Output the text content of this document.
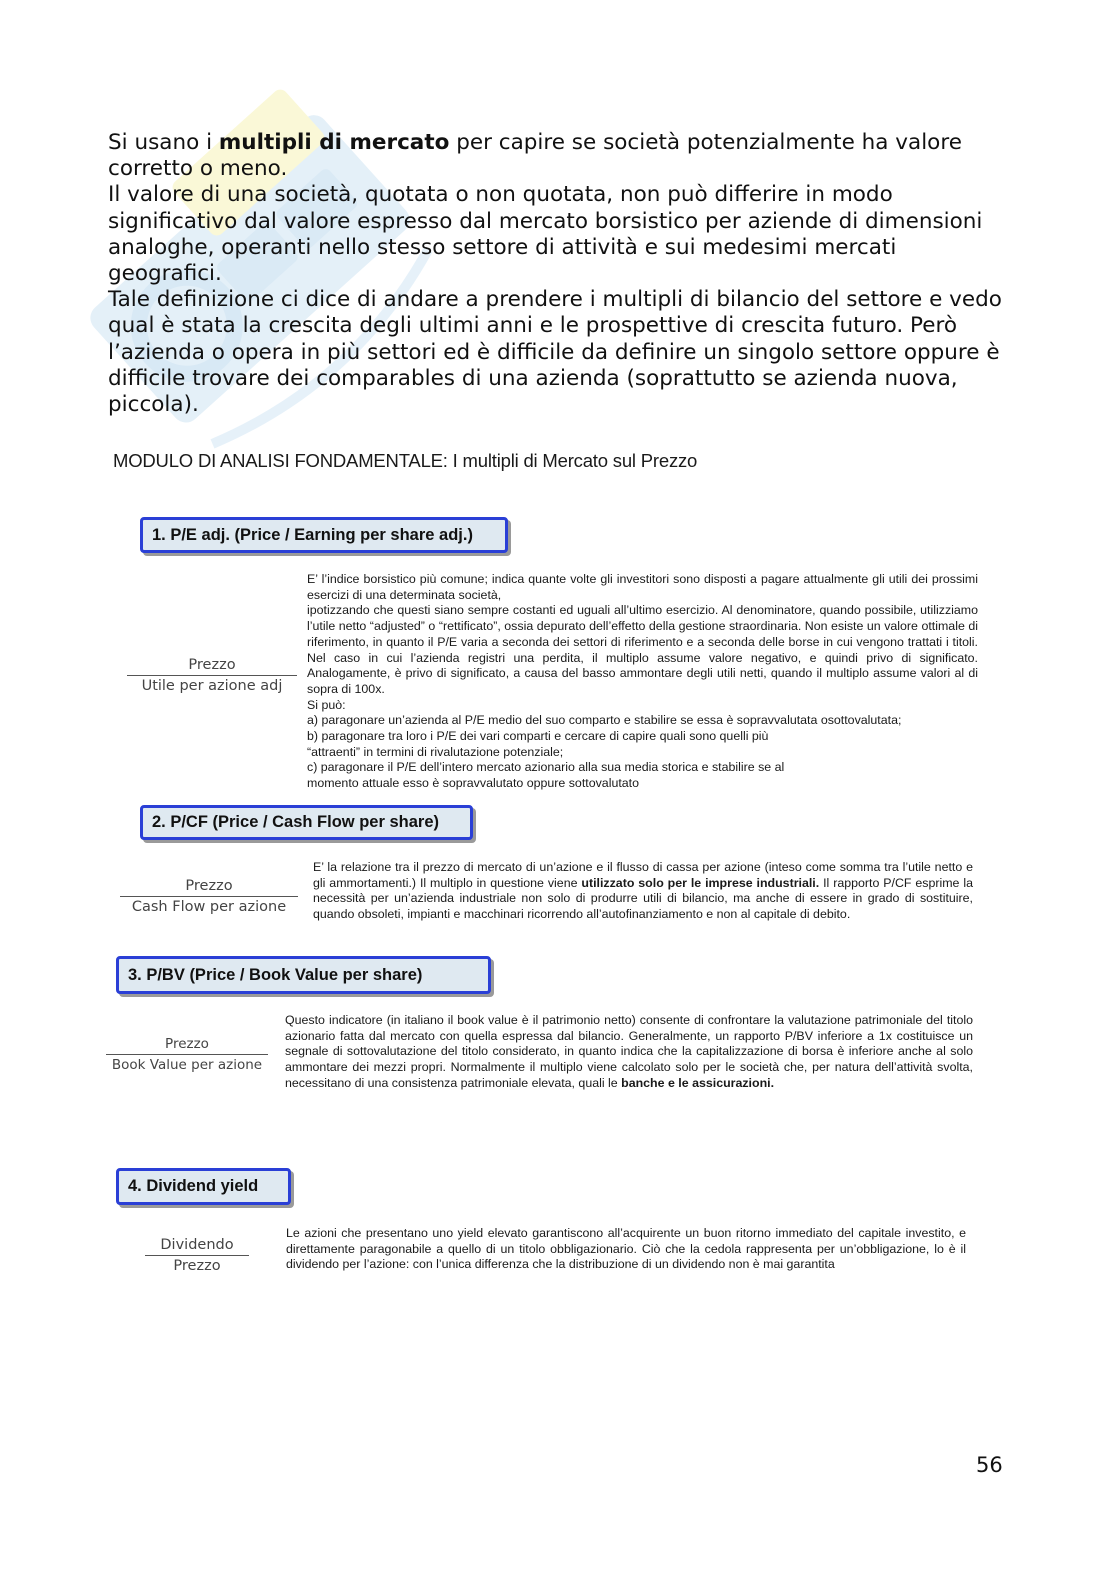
Si usano i multipli di mercato per capire se società potenzialmente ha valore corretto o meno.

Il valore di una società, quotata o non quotata, non può differire in modo significativo dal valore espresso dal mercato borsistico per aziende di dimensioni analoghe, operanti nello stesso settore di attività e sui medesimi mercati geografici.

Tale definizione ci dice di andare a prendere i multipli di bilancio del settore e vedo qual è stata la crescita degli ultimi anni e le prospettive di crescita futuro. Però l’azienda o opera in più settori ed è difficile da definire un singolo settore oppure è difficile trovare dei comparables di una azienda (soprattutto se azienda nuova, piccola).

MODULO DI ANALISI FONDAMENTALE: I multipli di Mercato sul Prezzo
1. P/E adj. (Price / Earning per share adj.)
Prezzo
Utile per azione adj

E’ l’indice borsistico più comune; indica quante volte gli investitori sono disposti a pagare attualmente gli utili dei prossimi esercizi di una determinata società,

ipotizzando che questi siano sempre costanti ed uguali all’ultimo esercizio. Al denominatore, quando possibile, utilizziamo l’utile netto “adjusted” o “rettificato”, ossia depurato dell’effetto della gestione straordinaria. Non esiste un valore ottimale di riferimento, in quanto il P/E varia a seconda dei settori di riferimento e a seconda delle borse in cui vengono trattati i titoli. Nel caso in cui l’azienda registri una perdita, il multiplo assume valore negativo, e quindi privo di significato. Analogamente, è privo di significato, a causa del basso ammontare degli utili netti, quando il multiplo assume valori al di sopra di 100x.

Si può:

a) paragonare un’azienda al P/E medio del suo comparto e stabilire se essa è sopravvalutata osottovalutata;

b) paragonare tra loro i P/E dei vari comparti e cercare di capire quali sono quelli più

“attraenti” in termini di rivalutazione potenziale;

c) paragonare il P/E dell’intero mercato azionario alla sua media storica e stabilire se al

momento attuale esso è sopravvalutato oppure sottovalutato

2. P/CF (Price / Cash Flow per share)
Prezzo
Cash Flow per azione

E’ la relazione tra il prezzo di mercato di un’azione e il flusso di cassa per azione (inteso come somma tra l’utile netto e gli ammortamenti.) Il multiplo in questione viene utilizzato solo per le imprese industriali. Il rapporto P/CF esprime la necessità per un’azienda industriale non solo di produrre utili di bilancio, ma anche di essere in grado di sostituire, quando obsoleti, impianti e macchinari ricorrendo all’autofinanziamento e non al capitale di debito.

3. P/BV (Price / Book Value per share)
Prezzo
Book Value per azione

Questo indicatore (in italiano il book value è il patrimonio netto) consente di confrontare la valutazione patrimoniale del titolo azionario fatta dal mercato con quella espressa dal bilancio. Generalmente, un rapporto P/BV inferiore a 1x costituisce un segnale di sottovalutazione del titolo considerato, in quanto indica che la capitalizzazione di borsa è inferiore anche al solo ammontare dei mezzi propri. Normalmente il multiplo viene calcolato solo per le società che, per natura dell’attività svolta, necessitano di una consistenza patrimoniale elevata, quali le banche e le assicurazioni.

4. Dividend yield
Dividendo
Prezzo
Le azioni che presentano uno yield elevato garantiscono all’acquirente un buon ritorno immediato del capitale investito, e direttamente paragonabile a quello di un titolo obbligazionario. Ciò che la cedola rappresenta per un’obbligazione, lo è il dividendo per l’azione: con l’unica differenza che la distribuzione di un dividendo non è mai garantita
56
